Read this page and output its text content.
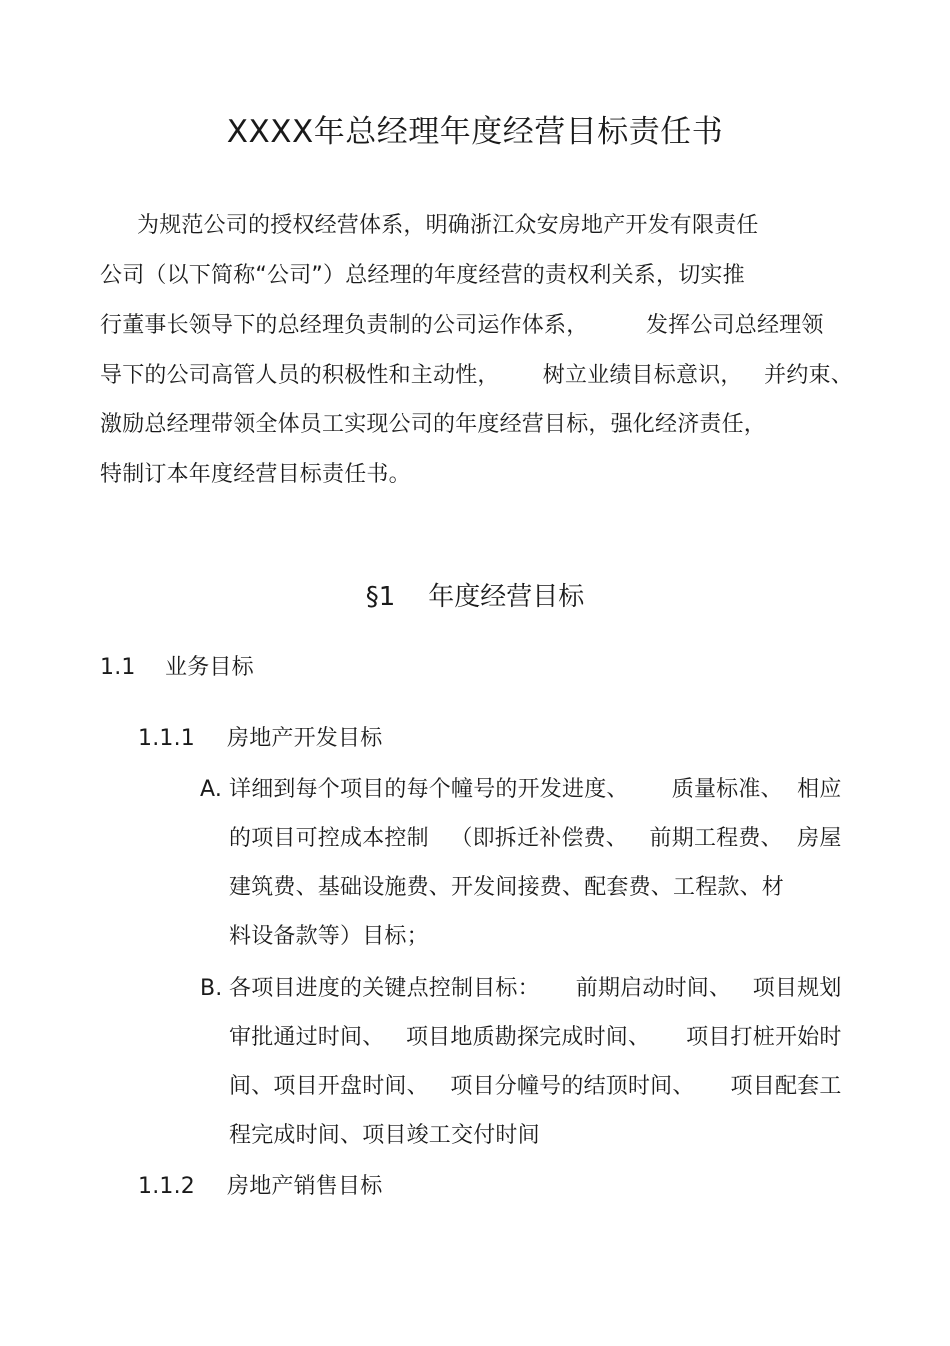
XXXX年总经理年度经营目标责任书
为规范公司的授权经营体系，明确浙江众安房地产开发有限责任
公司（以下简称“公司”）总经理的年度经营的责权利关系，切实推
行董事长领导下的总经理负责制的公司运作体系，        发挥公司总经理领
导下的公司高管人员的积极性和主动性，      树立业绩目标意识，   并约束、
激励总经理带领全体员工实现公司的年度经营目标，强化经济责任，
特制订本年度经营目标责任书。
§1    年度经营目标
1.1 业务目标
1.1.1 房地产开发目标
A. 详细到每个项目的每个幢号的开发进度、      质量标准、  相应
的项目可控成本控制   （即拆迁补偿费、   前期工程费、  房屋
建筑费、基础设施费、开发间接费、配套费、工程款、材
料设备款等）目标；
B. 各项目进度的关键点控制目标：     前期启动时间、   项目规划
审批通过时间、   项目地质勘探完成时间、     项目打桩开始时
间、项目开盘时间、   项目分幢号的结顶时间、     项目配套工
程完成时间、项目竣工交付时间
1.1.2 房地产销售目标
